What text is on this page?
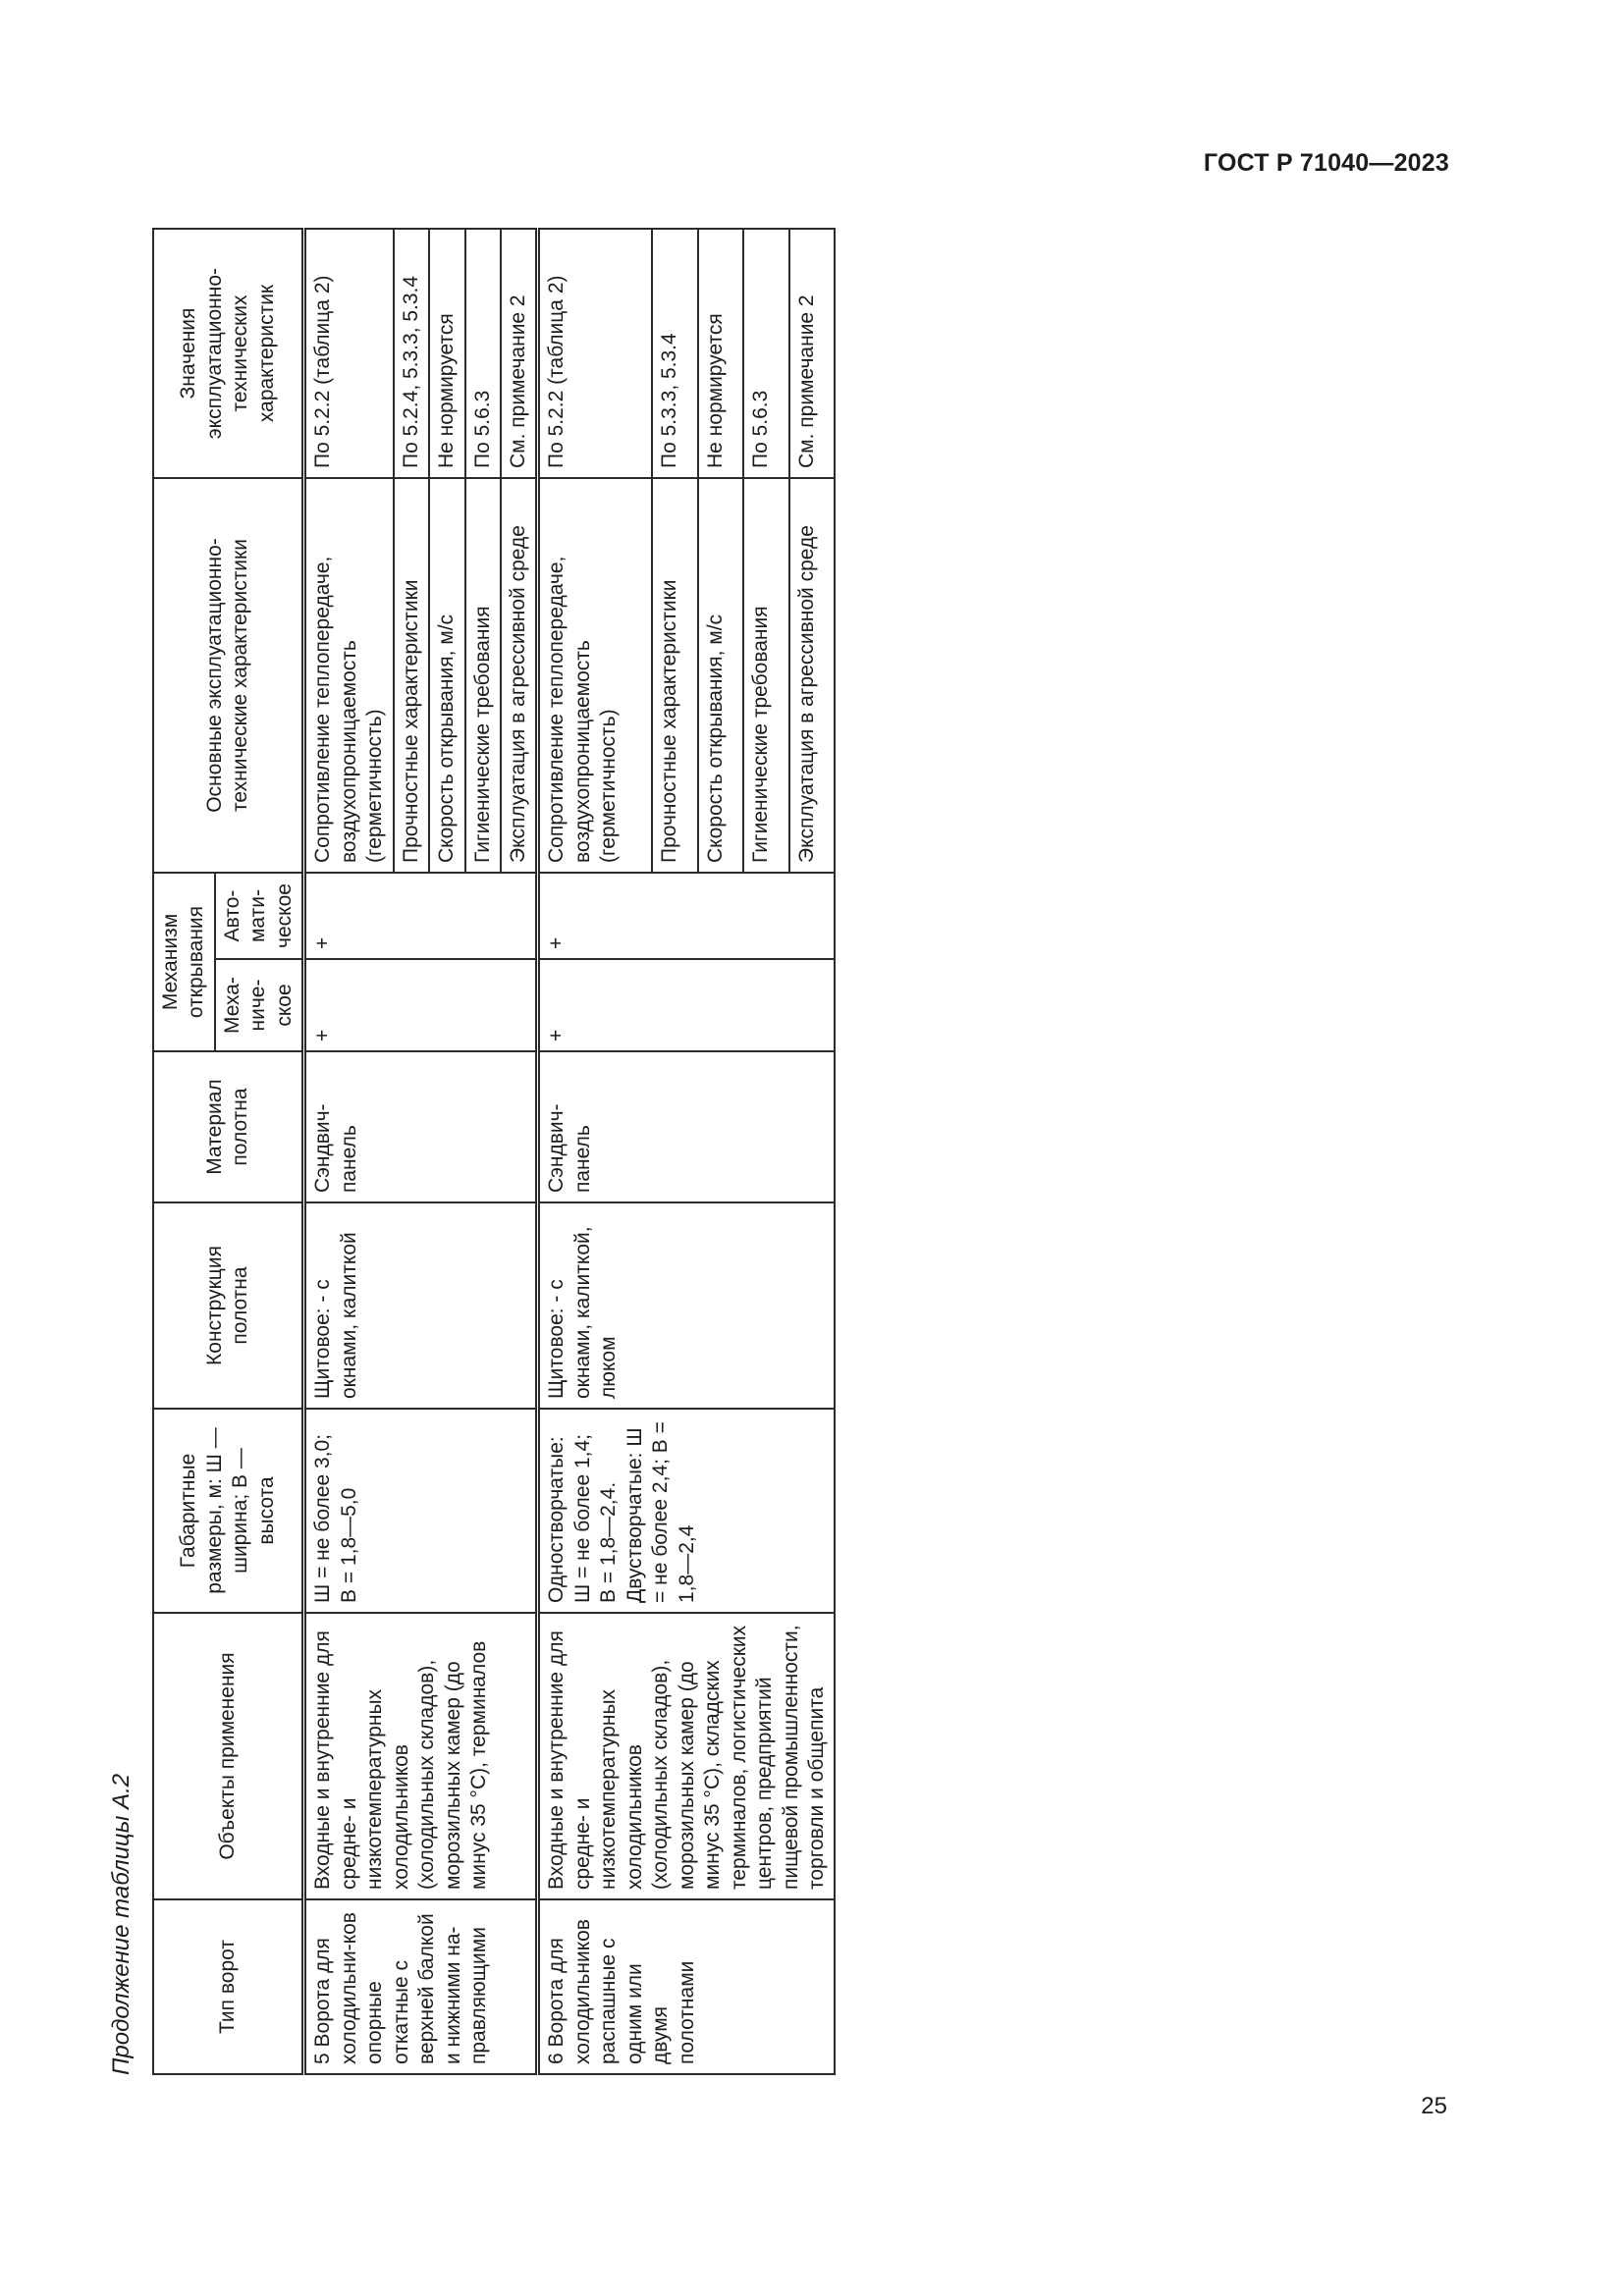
ГОСТ Р 71040—2023
Продолжение таблицы А.2	Тип ворот	Объекты применения	Габаритные размеры, м: Ш — ширина; В — высота	Конструкция полотна	Материал полотна	Механизм открывания		Основные эксплуатационно-технические характеристики	Значения эксплуатационно-технических характеристик
					Меха-ниче-ское	Авто-мати-ческое		
5 Ворота для холодильни-ков опорные откатные с верхней балкой и нижними на-правляющими	Входные и внутренние для средне- и низкотемпературных холодильников (холодильных складов), морозильных камер (до минус 35 °С), терминалов	Ш = не более 3,0; В = 1,8—5,0	Щитовое: - с окнами, калиткой	Сэндвич-панель	+	+	Сопротивление теплопередаче, воздухопроницаемость (герметичность)	По 5.2.2 (таблица 2)
							Прочностные характеристики	По 5.2.4, 5.3.3, 5.3.4
							Скорость открывания, м/с	Не нормируется
							Гигиенические требования	По 5.6.3
							Эксплуатация в агрессивной среде	См. примечание 2
6 Ворота для холодильников распашные с одним или двумя полотнами	Входные и внутренние для средне- и низкотемпературных холодильников (холодильных складов), морозильных камер (до минус 35 °С), складских терминалов, логистических центров, предприятий пищевой промышленности, торговли и общепита	Одностворчатые: Ш = не более 1,4; В = 1,8—2,4. Двустворчатые: Ш = не более 2,4; В = 1,8—2,4	Щитовое: - с окнами, калиткой, люком	Сэндвич-панель	+	+	Сопротивление теплопередаче, воздухопроницаемость (герметичность)	По 5.2.2 (таблица 2)
							Прочностные характеристики	По 5.3.3, 5.3.4
							Скорость открывания, м/с	Не нормируется
							Гигиенические требования	По 5.6.3
							Эксплуатация в агрессивной среде	См. примечание 2
25
